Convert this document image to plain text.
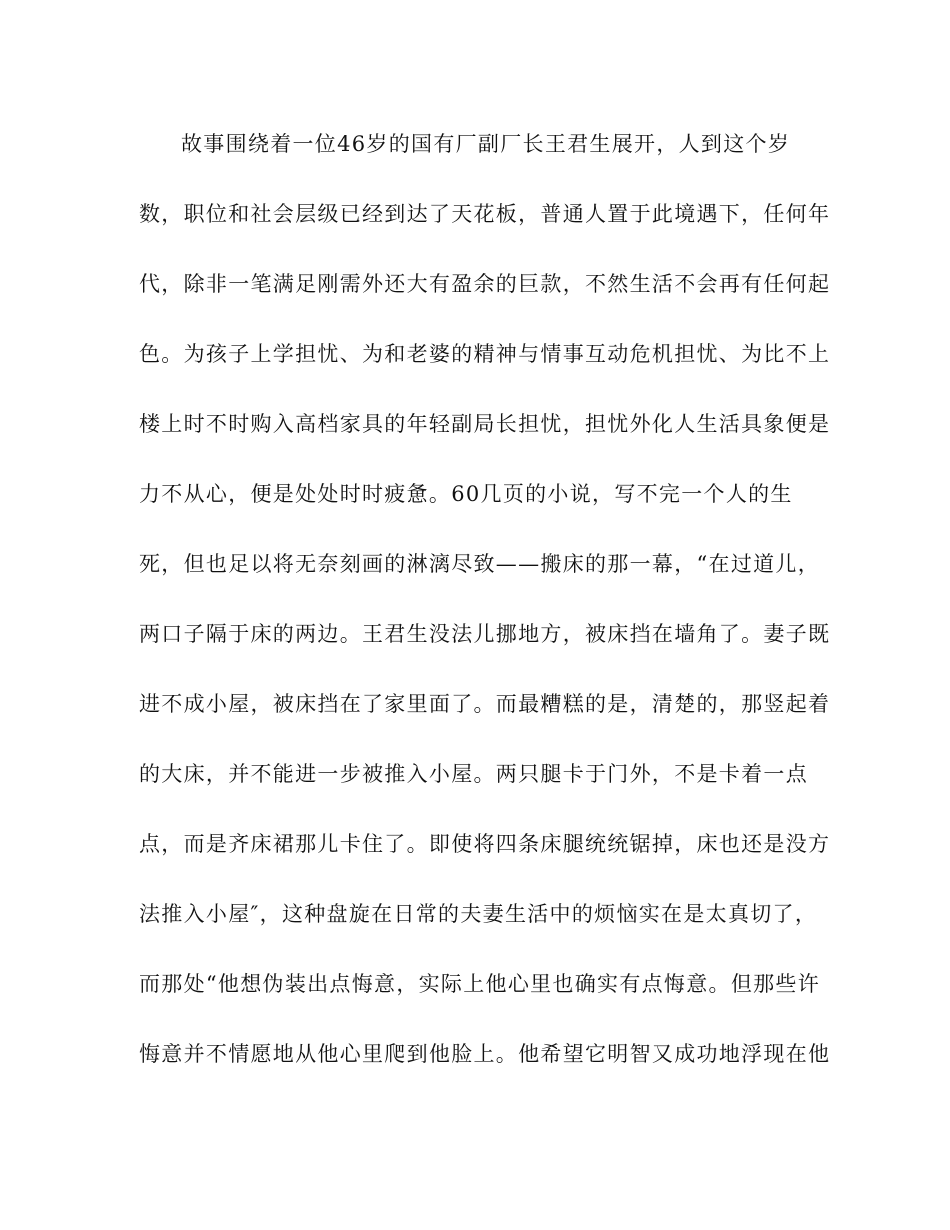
故事围绕着一位46岁的国有厂副厂长王君生展开，人到这个岁
数，职位和社会层级已经到达了天花板，普通人置于此境遇下，任何年
代，除非一笔满足刚需外还大有盈余的巨款，不然生活不会再有任何起
色。为孩子上学担忧、为和老婆的精神与情事互动危机担忧、为比不上
楼上时不时购入高档家具的年轻副局长担忧，担忧外化人生活具象便是
力不从心，便是处处时时疲惫。60几页的小说，写不完一个人的生
死，但也足以将无奈刻画的淋漓尽致——搬床的那一幕，“在过道儿，
两口子隔于床的两边。王君生没法儿挪地方，被床挡在墙角了。妻子既
进不成小屋，被床挡在了家里面了。而最糟糕的是，清楚的，那竖起着
的大床，并不能进一步被推入小屋。两只腿卡于门外，不是卡着一点
点，而是齐床裙那儿卡住了。即使将四条床腿统统锯掉，床也还是没方
法推入小屋″，这种盘旋在日常的夫妻生活中的烦恼实在是太真切了，
而那处“他想伪装出点悔意，实际上他心里也确实有点悔意。但那些许
悔意并不情愿地从他心里爬到他脸上。他希望它明智又成功地浮现在他
